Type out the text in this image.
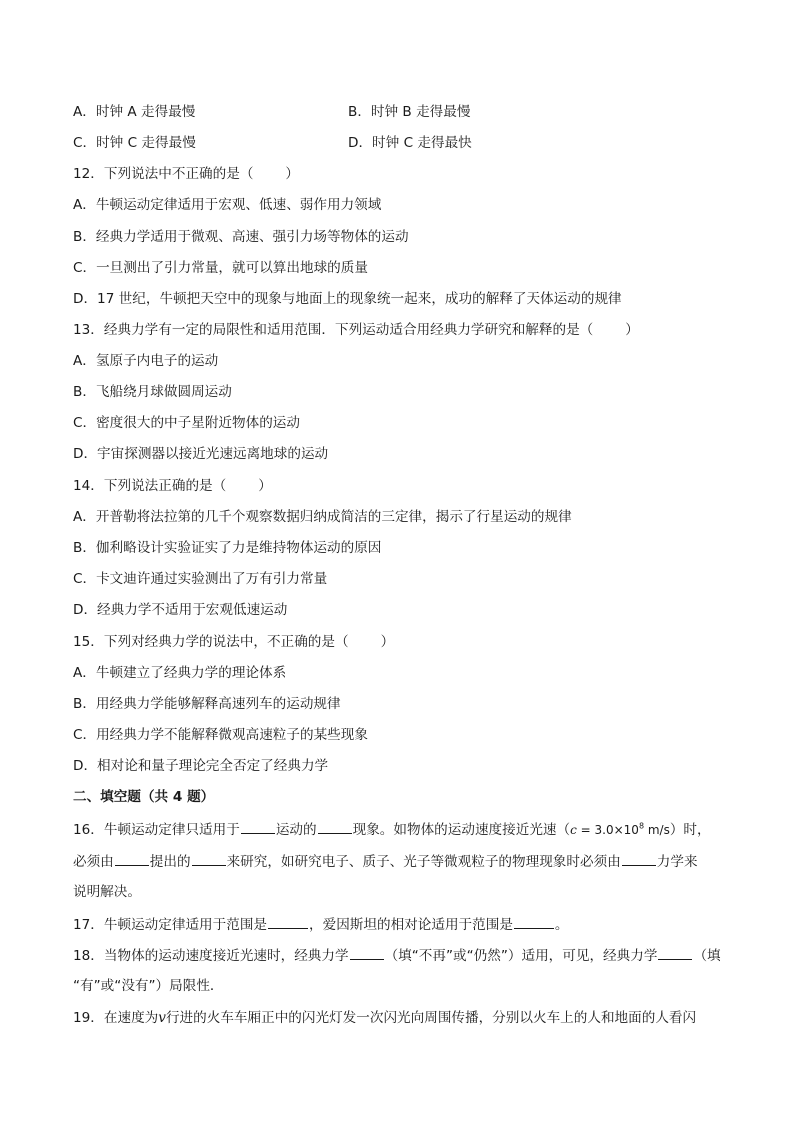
A．时钟 A 走得最慢	B．时钟 B 走得最慢
C．时钟 C 走得最慢	D．时钟 C 走得最快
12．下列说法中不正确的是（ ）
A．牛顿运动定律适用于宏观、低速、弱作用力领域
B．经典力学适用于微观、高速、强引力场等物体的运动
C．一旦测出了引力常量，就可以算出地球的质量
D．17 世纪，牛顿把天空中的现象与地面上的现象统一起来，成功的解释了天体运动的规律
13．经典力学有一定的局限性和适用范围．下列运动适合用经典力学研究和解释的是（ ）
A．氢原子内电子的运动
B．飞船绕月球做圆周运动
C．密度很大的中子星附近物体的运动
D．宇宙探测器以接近光速远离地球的运动
14．下列说法正确的是（ ）
A．开普勒将法拉第的几千个观察数据归纳成简洁的三定律，揭示了行星运动的规律
B．伽利略设计实验证实了力是维持物体运动的原因
C．卡文迪许通过实验测出了万有引力常量
D．经典力学不适用于宏观低速运动
15．下列对经典力学的说法中，不正确的是（ ）
A．牛顿建立了经典力学的理论体系
B．用经典力学能够解释高速列车的运动规律
C．用经典力学不能解释微观高速粒子的某些现象
D．相对论和量子理论完全否定了经典力学
二、填空题（共 4 题）
16．牛顿运动定律只适用于	运动的	现象。如物体的运动速度接近光速（$c = 3.0\times 10^8$ m/s）时，
必须由	提出的	来研究，如研究电子、质子、光子等微观粒子的物理现象时必须由	力学来
说明解决。
17．牛顿运动定律适用于范围是	，爱因斯坦的相对论适用于范围是	。
18．当物体的运动速度接近光速时，经典力学	（填“不再”或“仍然”）适用，可见，经典力学	（填
“有”或“没有”）局限性．
19．在速度为v行进的火车车厢正中的闪光灯发一次闪光向周围传播，分别以火车上的人和地面的人看闪
